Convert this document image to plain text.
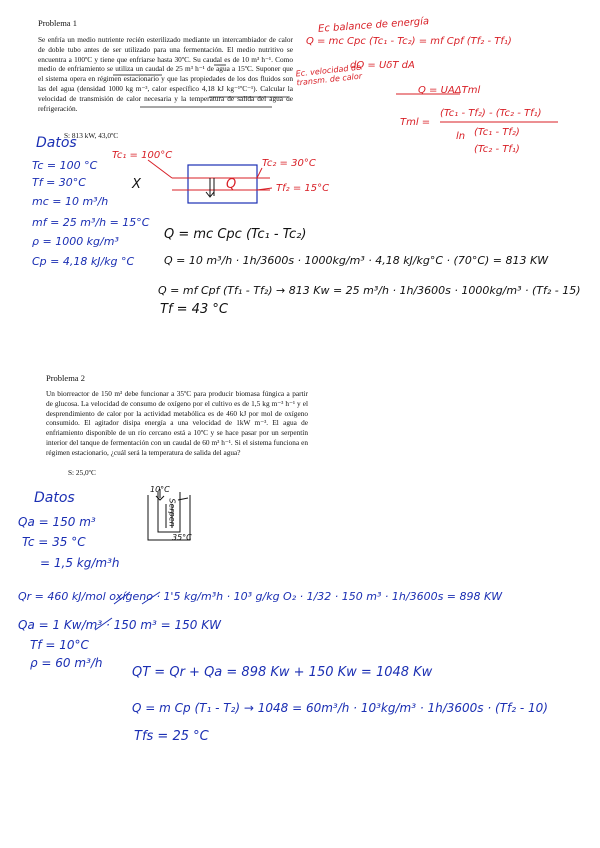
Problema 1
Se enfría un medio nutriente recién esterilizado mediante un intercambiador de calor de doble tubo antes de ser utilizado para una fermentación. El medio nutritivo se encuentra a 100ºC y tiene que enfriarse hasta 30ºC. Su caudal es de 10 m³ h⁻¹. Como medio de enfriamiento se utiliza un caudal de 25 m³ h⁻¹ de agua a 15ºC. Suponer que el sistema opera en régimen estacionario y que las propiedades de los dos fluidos son las del agua (densidad 1000 kg m⁻³, calor específico 4,18 kJ kg⁻¹ºC⁻¹). Calcular la velocidad de transmisión de calor necesaria y la temperatura de salida del agua de refrigeración.
S: 813 kW, 43,0ºC
Ec balance de energía
Q = mc Cpc (Tc₁ - Tc₂) = mf Cpf (Tf₂ - Tf₁)
Ec. velocidad de transm. de calor
dQ = UδT dA
Q = UAΔTml
Tml =
(Tc₁ - Tf₂) - (Tc₂ - Tf₁)
ln (Tc₁ - Tf₂)
(Tc₂ - Tf₁)
Datos
Tc = 100 °C
Tf = 30°C
mc = 10 m³/h
mf = 25 m³/h = 15°C
ρ = 1000 kg/m³
Cp = 4,18 kJ/kg °C
Tc₁ = 100°C
Tc₂ = 30°C
Tf₂ = 15°C
Q
X
Q = mc Cpc (Tc₁ - Tc₂)
Q = 10 m³/h · 1h/3600s · 1000kg/m³ · 4,18 kJ/kg°C · (70°C) = 813 KW
Q = mf Cpf (Tf₁ - Tf₂) → 813 Kw = 25 m³/h · 1h/3600s · 1000kg/m³ · (Tf₂ - 15)
Tf = 43 °C
Problema 2
Un biorreactor de 150 m³ debe funcionar a 35ºC para producir biomasa fúngica a partir de glucosa. La velocidad de consumo de oxígeno por el cultivo es de 1,5 kg m⁻³ h⁻¹ y el desprendimiento de calor por la actividad metabólica es de 460 kJ por mol de oxígeno consumido. El agitador disipa energía a una velocidad de 1kW m⁻³. El agua de enfriamiento disponible de un río cercano está a 10ºC y se hace pasar por un serpentín interior del tanque de fermentación con un caudal de 60 m³ h⁻¹. Si el sistema funciona en régimen estacionario, ¿cuál será la temperatura de salida del agua?
S: 25,0ºC
Datos
Qa = 150 m³
Tc = 35 °C
= 1,5 kg/m³h
10°C
35°C
Serpen
Qr = 460 kJ/mol oxígeno · 1'5 kg/m³h · 10³ g/kg O₂ · 1/32 · 150 m³ · 1h/3600s = 898 KW
Qa = 1 Kw/m³ · 150 m³ = 150 KW
Tf = 10°C
ρ = 60 m³/h
QT = Qr + Qa = 898 Kw + 150 Kw = 1048 Kw
Q = m Cp (T₁ - T₂) → 1048 = 60m³/h · 10³kg/m³ · 1h/3600s · (Tf₂ - 10)
Tfs = 25 °C
